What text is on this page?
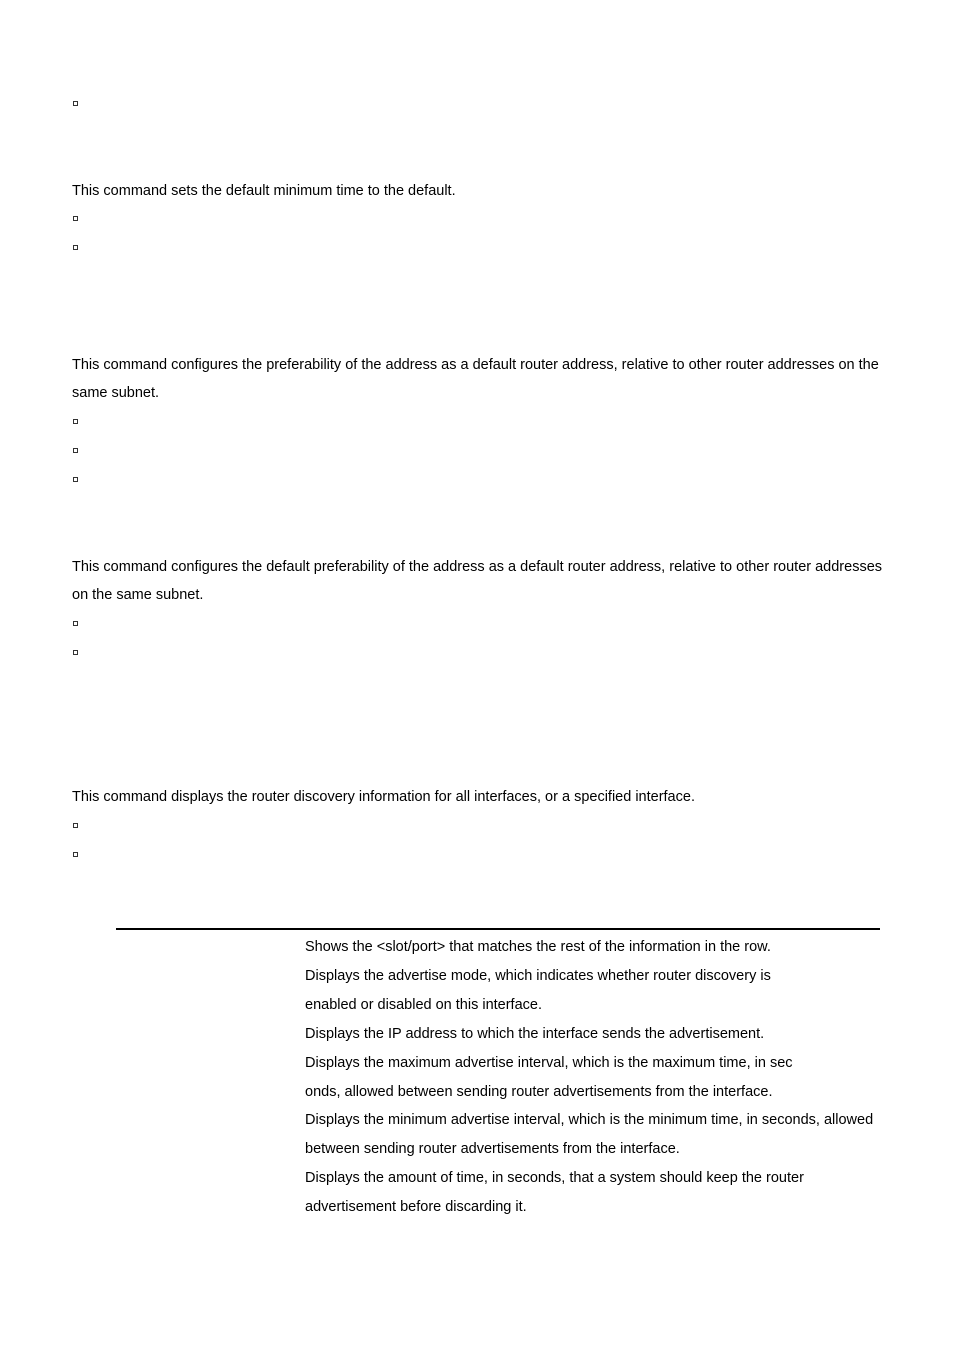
This command sets the default minimum time to the default.

This command configures the preferability of the address as a default router address, relative to other router addresses on the same subnet.

This command configures the default preferability of the address as a default router address, relative to other router addresses on the same subnet.

This command displays the router discovery information for all interfaces, or a specified interface.

Shows the <slot/port> that matches the rest of the information in the row.
Displays the advertise mode, which indicates whether router discovery is
enabled or disabled on this interface.
Displays the IP address to which the interface sends the advertisement.
Displays the maximum advertise interval, which is the maximum time, in sec
onds, allowed between sending router advertisements from the interface.
Displays the minimum advertise interval, which is the minimum time, in seconds, allowed
between sending router advertisements from the interface.
Displays the amount of time, in seconds, that a system should keep the router
advertisement before discarding it.
